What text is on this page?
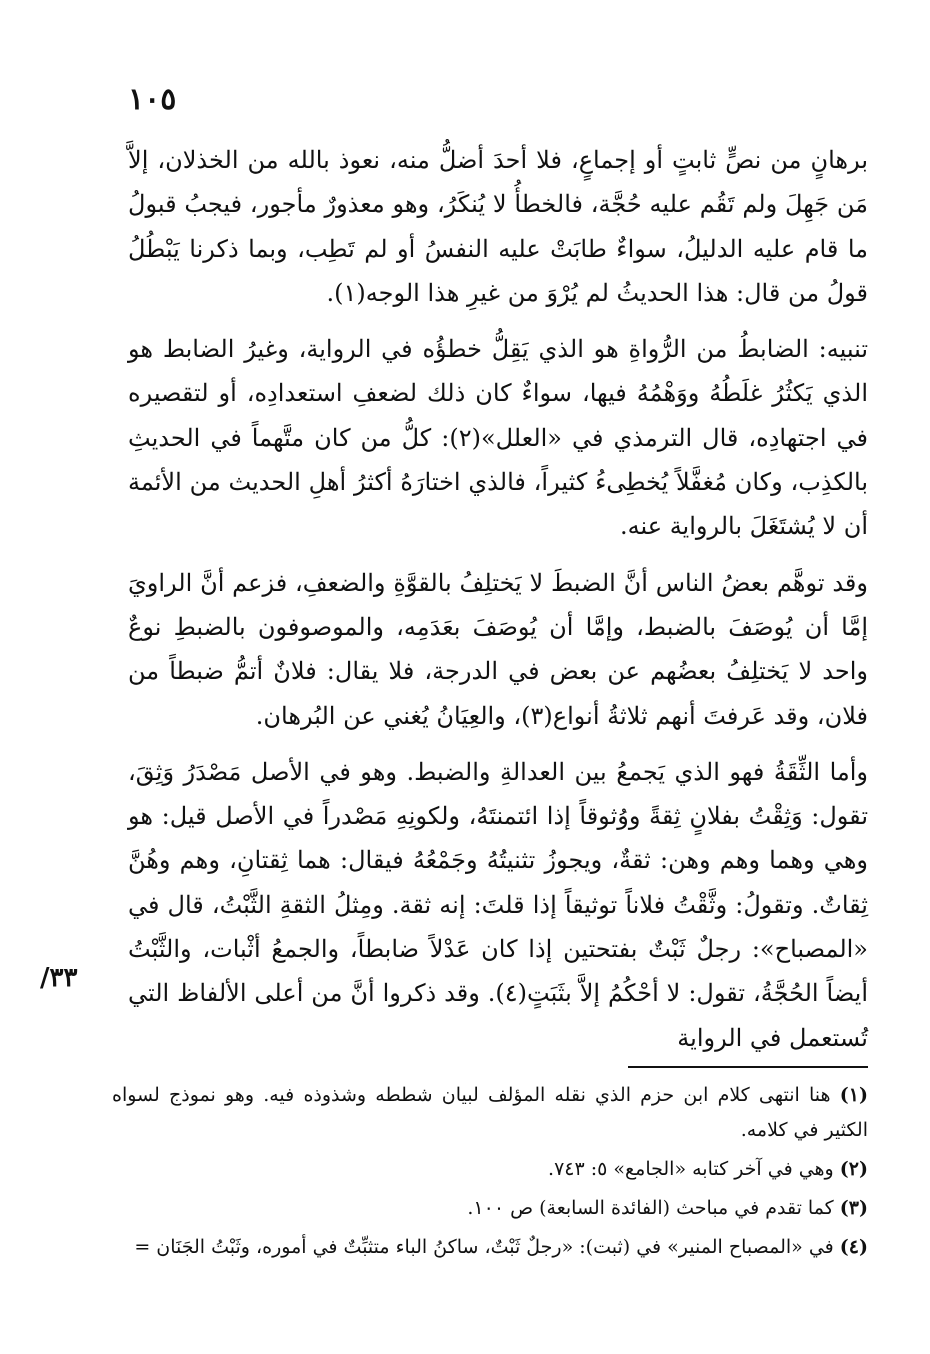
١٠٥

برهانٍ من نصٍّ ثابتٍ أو إجماعٍ، فلا أحدَ أضلُّ منه، نعوذ بالله من الخذلان، إلاَّ مَن جَهِلَ ولم تَقُم عليه حُجَّة، فالخطأُ لا يُنكَرُ، وهو معذورٌ مأجور، فيجبُ قبولُ ما قام عليه الدليلُ، سواءٌ طابَتْ عليه النفسُ أو لم تَطِب، وبما ذكرنا يَبْطُلُ قولُ من قال: هذا الحديثُ لم يُرْوَ من غيرِ هذا الوجه(١).

تنبيه: الضابطُ من الرُّواةِ هو الذي يَقِلُّ خطؤُه في الرواية، وغيرُ الضابط هو الذي يَكثُرُ غلَطُهُ ووَهْمُهُ فيها، سواءٌ كان ذلك لضعفِ استعدادِه، أو لتقصيره في اجتهادِه، قال الترمذي في «العلل»(٢): كلُّ من كان متَّهماً في الحديثِ بالكذِب، وكان مُغفَّلاً يُخطِىءُ كثيراً، فالذي اختارَهُ أكثرُ أهلِ الحديث من الأئمة أن لا يُشتَغَلَ بالرواية عنه.

وقد توهَّم بعضُ الناس أنَّ الضبطَ لا يَختلِفُ بالقوَّةِ والضعفِ، فزعم أنَّ الراويَ إمَّا أن يُوصَفَ بالضبط، وإمَّا أن يُوصَفَ بعَدَمِه، والموصوفون بالضبطِ نوعٌ واحد لا يَختلِفُ بعضُهم عن بعض في الدرجة، فلا يقال: فلانٌ أتمُّ ضبطاً من فلان، وقد عَرفتَ أنهم ثلاثةُ أنواع(٣)، والعِيَانُ يُغني عن البُرهان.

وأما الثِّقَةُ فهو الذي يَجمعُ بين العدالةِ والضبط. وهو في الأصل مَصْدَرُ وَثِقَ، تقول: وَثِقْتُ بفلانٍ ثِقةً ووُثوقاً إذا ائتمنتَهُ، ولكونِهِ مَصْدراً في الأصل قيل: هو وهي وهما وهم وهن: ثقةٌ، ويجوزُ تثنيتُهُ وجَمْعُهُ فيقال: هما ثِقتانِ، وهم وهُنَّ ثِقاتٌ. وتقولُ: وثَّقْتُ فلاناً توثيقاً إذا قلتَ: إنه ثقة. ومِثلُ الثقةِ الثَّبْتُ، قال في «المصباح»: رجلٌ ثَبْتٌ بفتحتين إذا كان عَدْلاً ضابطاً، والجمعُ أثْبات، والثَّبْتُ أيضاً الحُجَّةُ، تقول: لا أحْكُمُ إلاَّ بثَبَتٍ(٤). وقد ذكروا أنَّ من أعلى الألفاظ التي تُستعمل في الرواية

/٣٣

(١) هنا انتهى كلام ابن حزم الذي نقله المؤلف لبيان شططه وشذوذه فيه. وهو نموذج لسواه الكثير في كلامه.

(٢) وهي في آخر كتابه «الجامع» ٥: ٧٤٣.

(٣) كما تقدم في مباحث (الفائدة السابعة) ص ١٠٠.

(٤) في «المصباح المنير» في (ثبت): «رجلٌ ثَبْتٌ، ساكنُ الباء متثبِّتٌ في أموره، وثَبْتُ الجَنَان =
